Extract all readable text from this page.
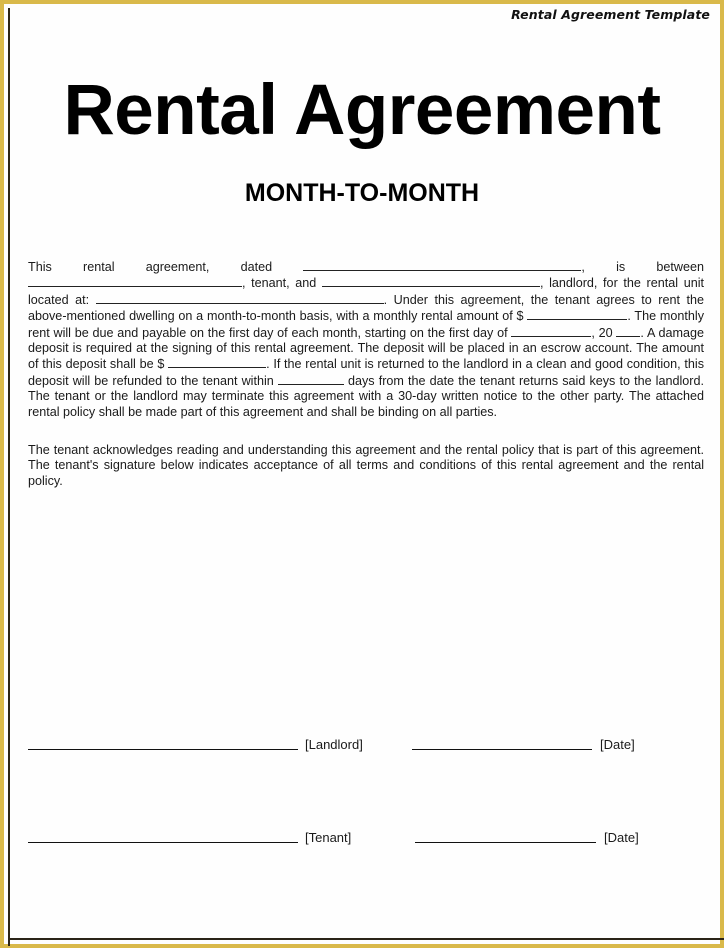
Rental Agreement Template
Rental Agreement
MONTH-TO-MONTH
This rental agreement, dated	, is between , tenant, and	, landlord, for the rental unit located at:	. Under this agreement, the tenant agrees to rent the above-mentioned dwelling on a month-to-month basis, with a monthly rental amount of $	. The monthly rent will be due and payable on the first day of each month, starting on the first day of	, 20 . A damage deposit is required at the signing of this rental agreement. The deposit will be placed in an escrow account. The amount of this deposit shall be $	. If the rental unit is returned to the landlord in a clean and good condition, this deposit will be refunded to the tenant within	days from the date the tenant returns said keys to the landlord. The tenant or the landlord may terminate this agreement with a 30-day written notice to the other party. The attached rental policy shall be made part of this agreement and shall be binding on all parties.
The tenant acknowledges reading and understanding this agreement and the rental policy that is part of this agreement. The tenant's signature below indicates acceptance of all terms and conditions of this rental agreement and the rental policy.
[Landlord]	[Date]
[Tenant]	[Date]
